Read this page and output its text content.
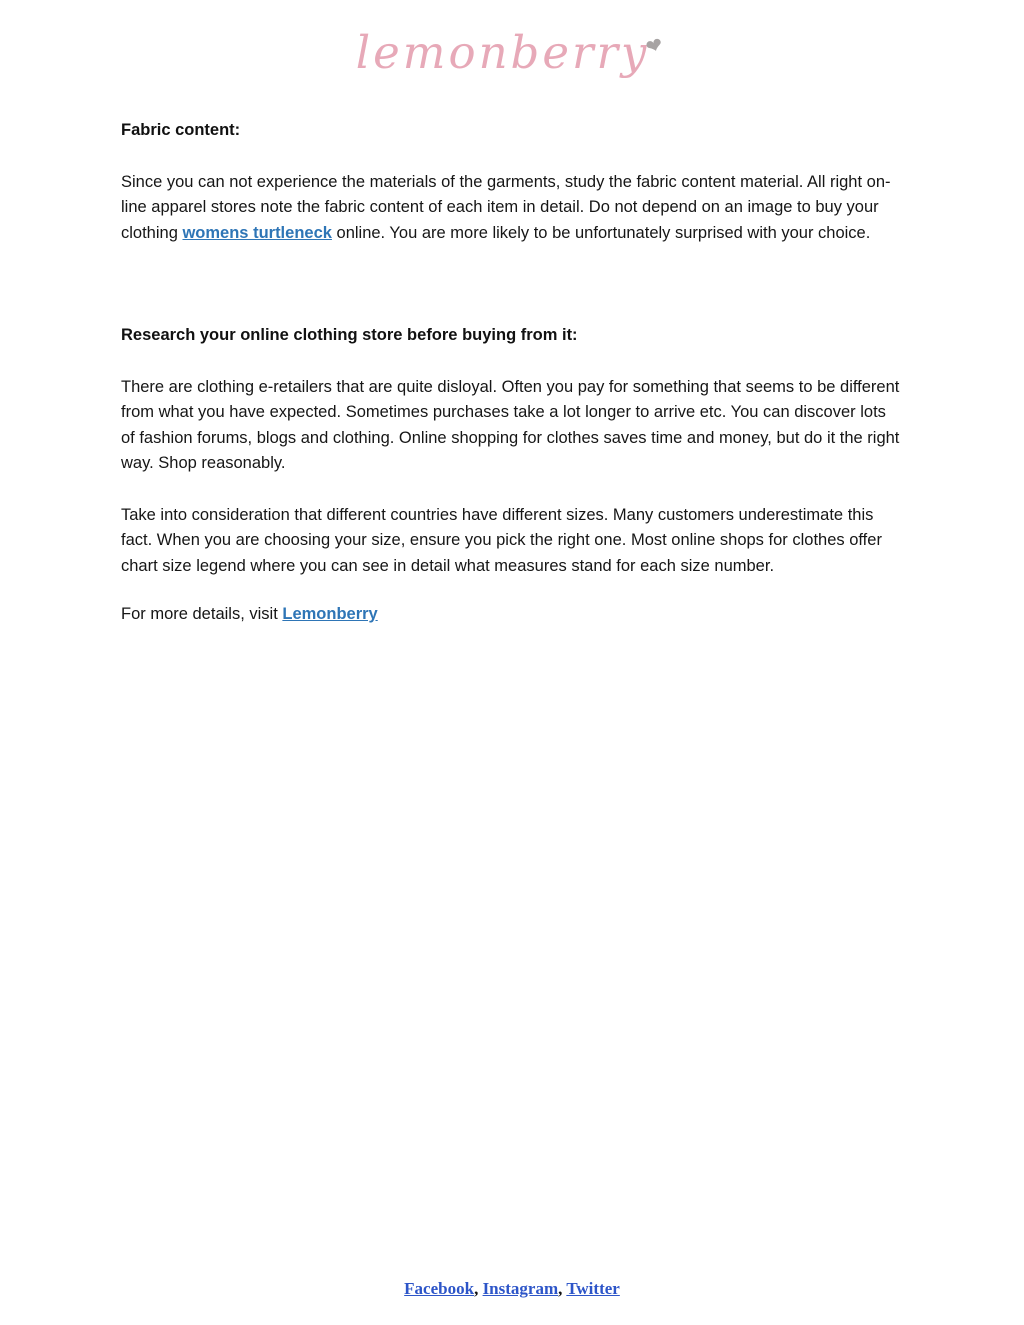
lemonberry❤
Fabric content:

Since you can not experience the materials of the garments, study the fabric content material. All right on-line apparel stores note the fabric content of each item in detail. Do not depend on an image to buy your clothing womens turtleneck online. You are more likely to be unfortunately surprised with your choice.

Research your online clothing store before buying from it:

There are clothing e-retailers that are quite disloyal. Often you pay for something that seems to be different from what you have expected. Sometimes purchases take a lot longer to arrive etc. You can discover lots of fashion forums, blogs and clothing. Online shopping for clothes saves time and money, but do it the right way. Shop reasonably.

Take into consideration that different countries have different sizes. Many customers underestimate this fact. When you are choosing your size, ensure you pick the right one. Most online shops for clothes offer chart size legend where you can see in detail what measures stand for each size number.

For more details, visit Lemonberry

Facebook, Instagram, Twitter
